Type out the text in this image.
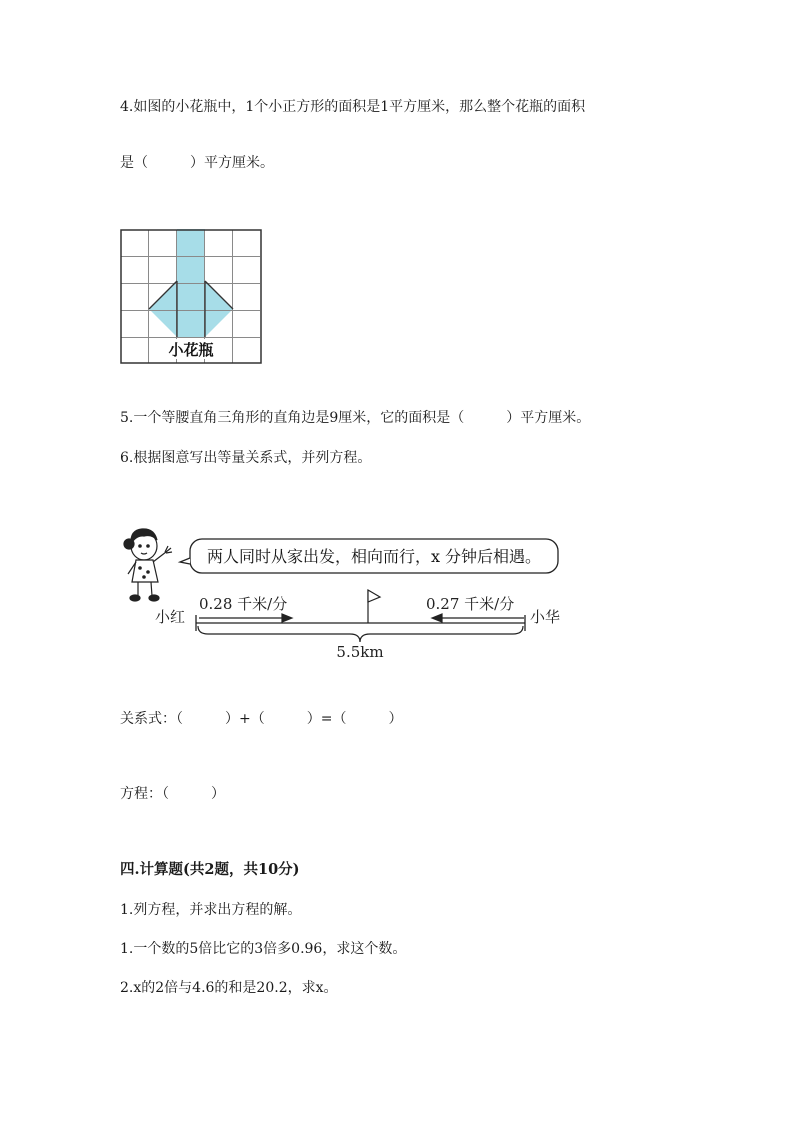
4.如图的小花瓶中，1个小正方形的面积是1平方厘米，那么整个花瓶的面积
是（　　　）平方厘米。
小花瓶
5.一个等腰直角三角形的直角边是9厘米，它的面积是（　　　）平方厘米。
6.根据图意写出等量关系式，并列方程。
两人同时从家出发，相向而行，x 分钟后相遇。
小红	小华
0.28 千米/分	0.27 千米/分
5.5km
关系式：（　　　）+（　　　）=（　　　）
方程：（　　　）
四.计算题(共2题，共10分)
1.列方程，并求出方程的解。
1.一个数的5倍比它的3倍多0.96，求这个数。
2.x的2倍与4.6的和是20.2，求x。
